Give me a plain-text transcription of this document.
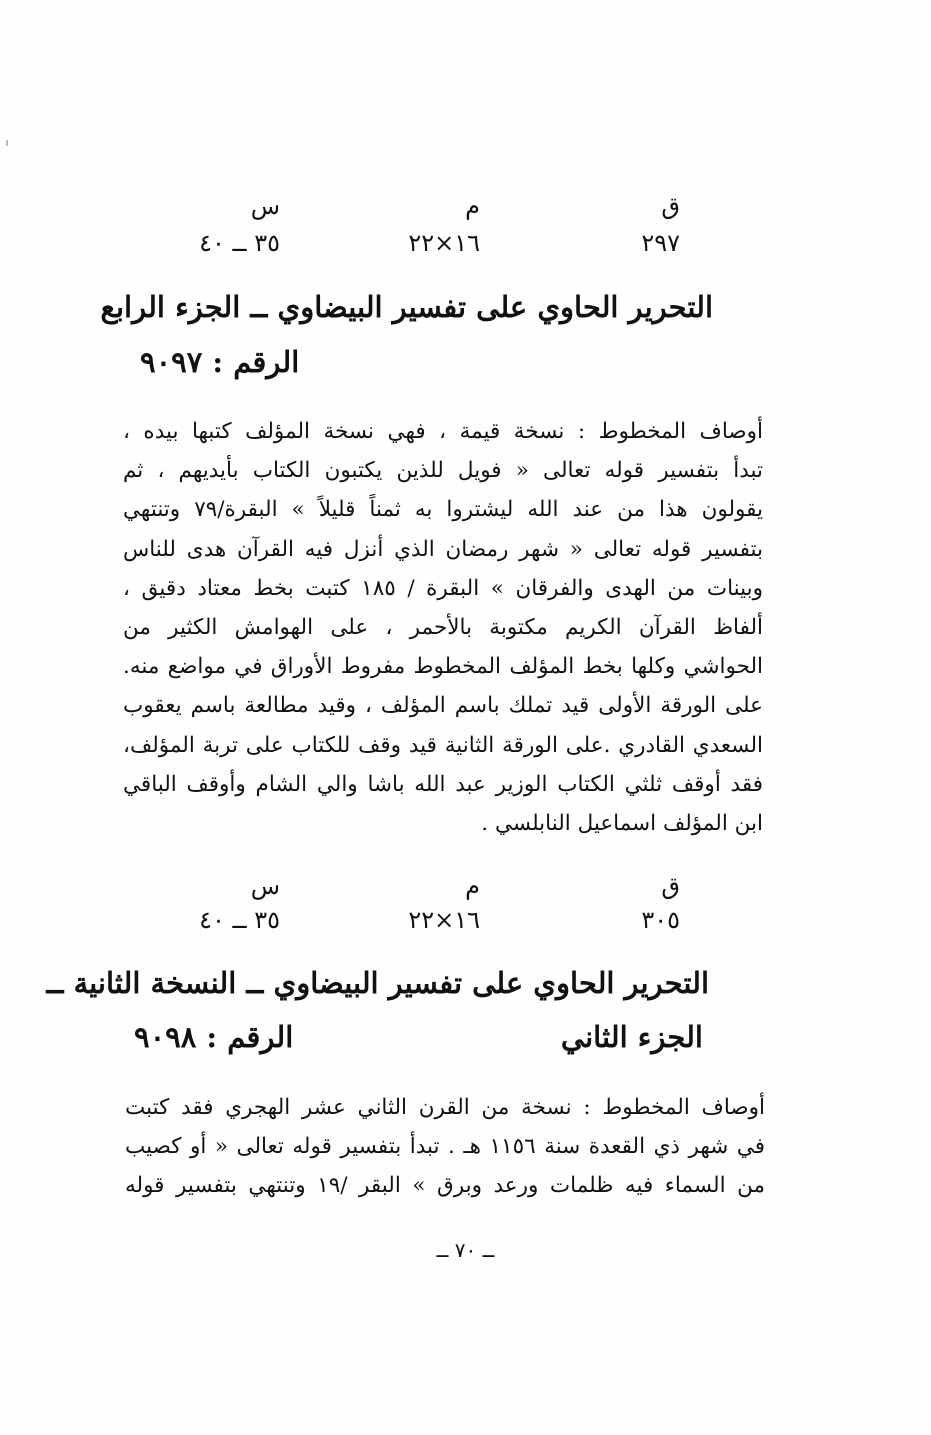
ق
م
س
٢٩٧
١٦×٢٢
٣٥ ــ ٤٠
التحرير الحاوي على تفسير البيضاوي ــ الجزء الرابع
الرقم : ٩٠٩٧
أوصاف المخطوط : نسخة قيمة ، فهي نسخة المؤلف كتبها بيده ،
تبدأ بتفسير قوله تعالى « فويل للذين يكتبون الكتاب بأيديهم ، ثم
يقولون هذا من عند الله ليشتروا به ثمناً قليلاً » البقرة/٧٩ وتنتهي
بتفسير قوله تعالى « شهر رمضان الذي أنزل فيه القرآن هدى للناس
وبينات من الهدى والفرقان » البقرة / ١٨٥ كتبت بخط معتاد دقيق ،
ألفاظ القرآن الكريم مكتوبة بالأحمر ، على الهوامش الكثير من
الحواشي وكلها بخط المؤلف المخطوط مفروط الأوراق في مواضع منه.
على الورقة الأولى قيد تملك باسم المؤلف ، وقيد مطالعة باسم يعقوب
السعدي القادري .على الورقة الثانية قيد وقف للكتاب على تربة المؤلف،
فقد أوقف ثلثي الكتاب الوزير عبد الله باشا والي الشام وأوقف الباقي
ابن المؤلف اسماعيل النابلسي .
ق
م
س
٣٠٥
١٦×٢٢
٣٥ ــ ٤٠
التحرير الحاوي على تفسير البيضاوي ــ النسخة الثانية ــ
الجزء الثاني
الرقم : ٩٠٩٨
أوصاف المخطوط : نسخة من القرن الثاني عشر الهجري فقد كتبت
في شهر ذي القعدة سنة ١١٥٦ هـ . تبدأ بتفسير قوله تعالى « أو كصيب
من السماء فيه ظلمات ورعد وبرق » البقر /١٩ وتنتهي بتفسير قوله
ــ ٧٠ ــ
